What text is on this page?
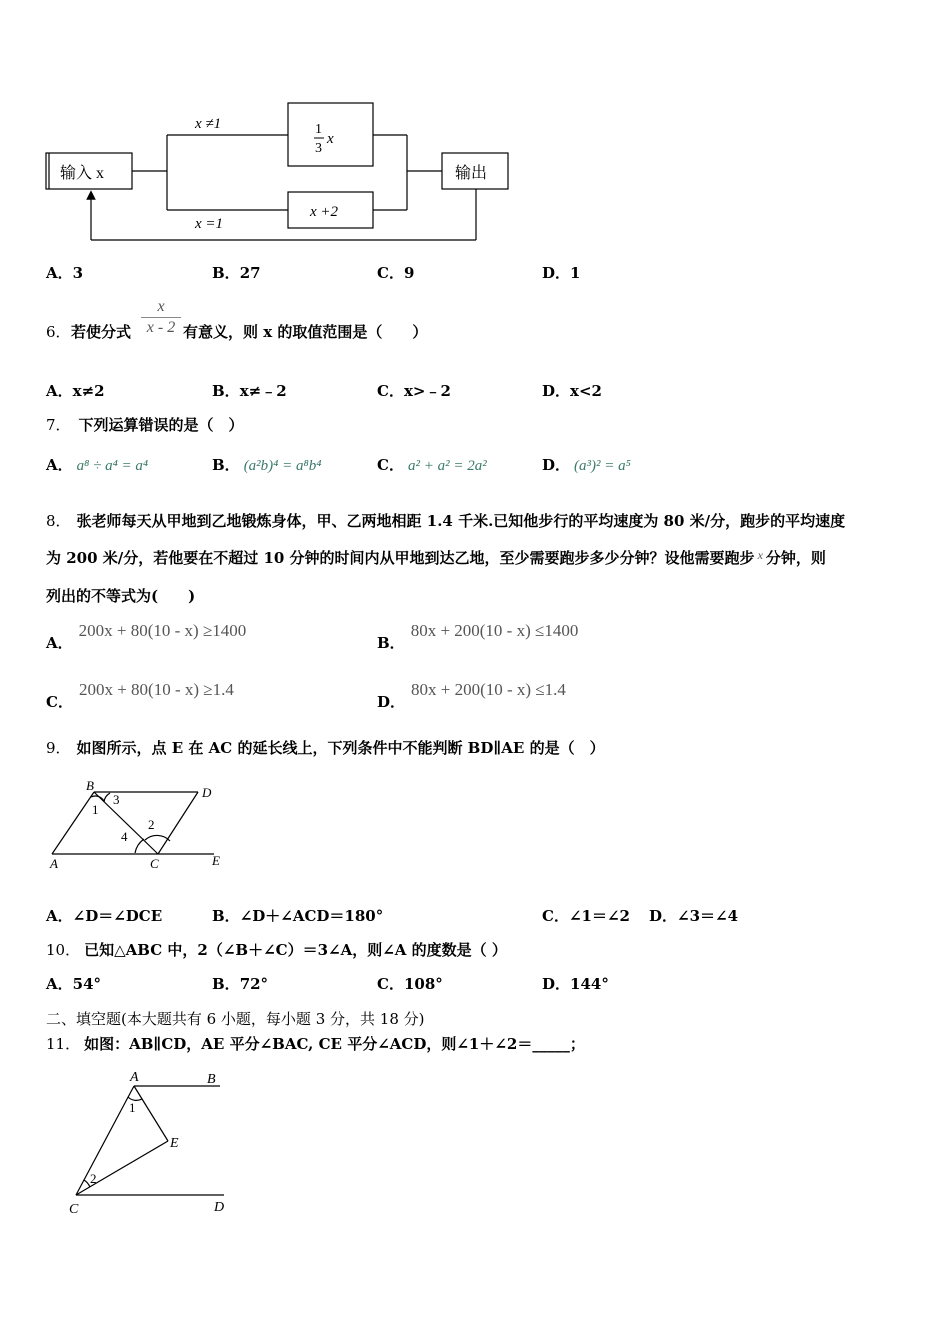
输入 x	输出
x ≠1
x =1
1
3
x
x +2
A．3	B．27	C．9	D．1
6． 若使分式
x
x - 2 有意义，则 x 的取值范围是（　　）
A．x≠2	B．x≠﹣2	C．x>﹣2	D．x<2
7． 下列运算错误的是（　）
A． a⁸ ÷ a⁴ = a⁴	B． (a²b)⁴ = a⁸b⁴	C． a² + a² = 2a²	D． (a³)² = a⁵
8． 张老师每天从甲地到乙地锻炼身体，甲、乙两地相距 1.4 千米.已知他步行的平均速度为 80 米/分，跑步的平均速度
为 200 米/分，若他要在不超过 10 分钟的时间内从甲地到达乙地，至少需要跑步多少分钟？设他需要跑步 $^x$ 分钟，则
列出的不等式为(　　)
A．200x + 80(10 - x) ≥1400
B．80x + 200(10 - x) ≤1400
C．200x + 80(10 - x) ≥1.4
D．80x + 200(10 - x) ≤1.4
9． 如图所示，点 E 在 AC 的延长线上，下列条件中不能判断 BD∥AE 的是（　）
B	D
A	C	E
1
2
3
4
A．∠D＝∠DCE	B．∠D＋∠ACD＝180°	C．∠1＝∠2 D．∠3＝∠4
10． 已知△ABC 中，2（∠B＋∠C）＝3∠A，则∠A 的度数是（ ）
A．54°	B．72°	C．108°	D．144°
二、填空题(本大题共有 6 小题，每小题 3 分，共 18 分)
11． 如图：AB∥CD，AE 平分∠BAC, CE 平分∠ACD，则∠1＋∠2＝_____；
A	B
E
C	D
1
2
